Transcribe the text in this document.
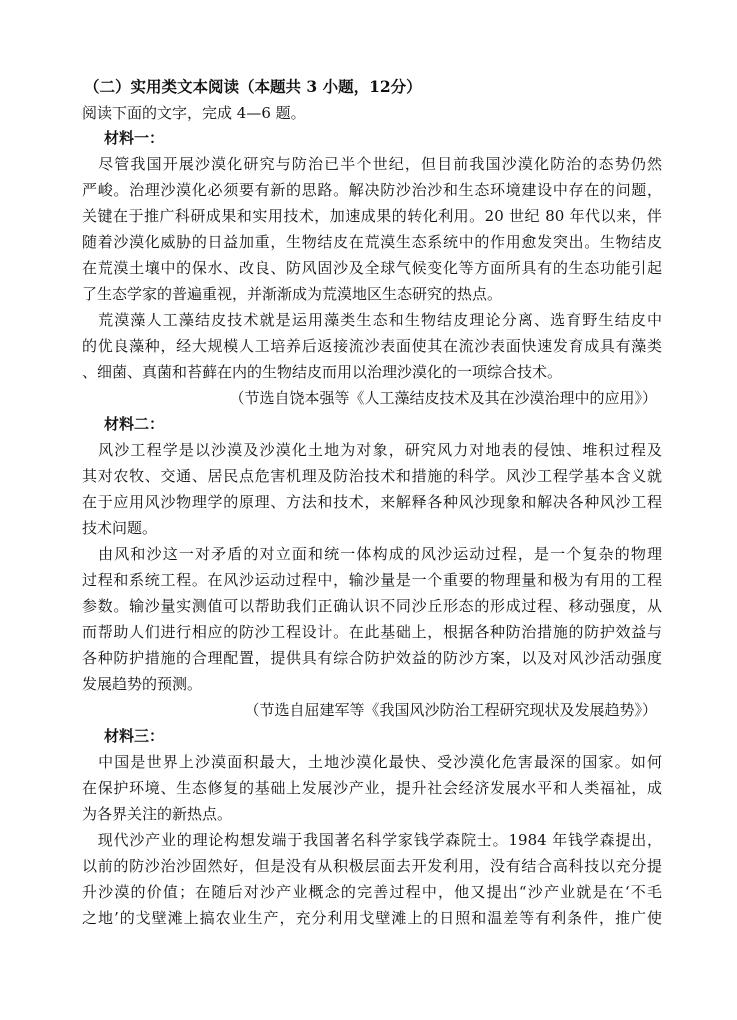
（二）实用类文本阅读（本题共 3 小题，12分）
阅读下面的文字，完成 4—6 题。
材料一：
　尽管我国开展沙漠化研究与防治已半个世纪，但目前我国沙漠化防治的态势仍然
严峻。治理沙漠化必须要有新的思路。解决防沙治沙和生态环境建设中存在的问题，
关键在于推广科研成果和实用技术，加速成果的转化利用。20 世纪 80 年代以来，伴
随着沙漠化威胁的日益加重，生物结皮在荒漠生态系统中的作用愈发突出。生物结皮
在荒漠土壤中的保水、改良、防风固沙及全球气候变化等方面所具有的生态功能引起
了生态学家的普遍重视，并渐渐成为荒漠地区生态研究的热点。
　荒漠藻人工藻结皮技术就是运用藻类生态和生物结皮理论分离、选育野生结皮中
的优良藻种，经大规模人工培养后返接流沙表面使其在流沙表面快速发育成具有藻类
、细菌、真菌和苔藓在内的生物结皮而用以治理沙漠化的一项综合技术。
（节选自饶本强等《人工藻结皮技术及其在沙漠治理中的应用》）
材料二：
　风沙工程学是以沙漠及沙漠化土地为对象，研究风力对地表的侵蚀、堆积过程及
其对农牧、交通、居民点危害机理及防治技术和措施的科学。风沙工程学基本含义就
在于应用风沙物理学的原理、方法和技术，来解释各种风沙现象和解决各种风沙工程
技术问题。
　由风和沙这一对矛盾的对立面和统一体构成的风沙运动过程，是一个复杂的物理
过程和系统工程。在风沙运动过程中，输沙量是一个重要的物理量和极为有用的工程
参数。输沙量实测值可以帮助我们正确认识不同沙丘形态的形成过程、移动强度，从
而帮助人们进行相应的防沙工程设计。在此基础上，根据各种防治措施的防护效益与
各种防护措施的合理配置，提供具有综合防护效益的防沙方案，以及对风沙活动强度
发展趋势的预测。
（节选自屈建军等《我国风沙防治工程研究现状及发展趋势》）
材料三：
　中国是世界上沙漠面积最大，土地沙漠化最快、受沙漠化危害最深的国家。如何
在保护环境、生态修复的基础上发展沙产业，提升社会经济发展水平和人类福祉，成
为各界关注的新热点。
　现代沙产业的理论构想发端于我国著名科学家钱学森院士。1984 年钱学森提出，
以前的防沙治沙固然好，但是没有从积极层面去开发利用，没有结合高科技以充分提
升沙漠的价值；在随后对沙产业概念的完善过程中，他又提出“沙产业就是在‘不毛
之地’的戈壁滩上搞农业生产，充分利用戈壁滩上的日照和温差等有利条件，推广使
